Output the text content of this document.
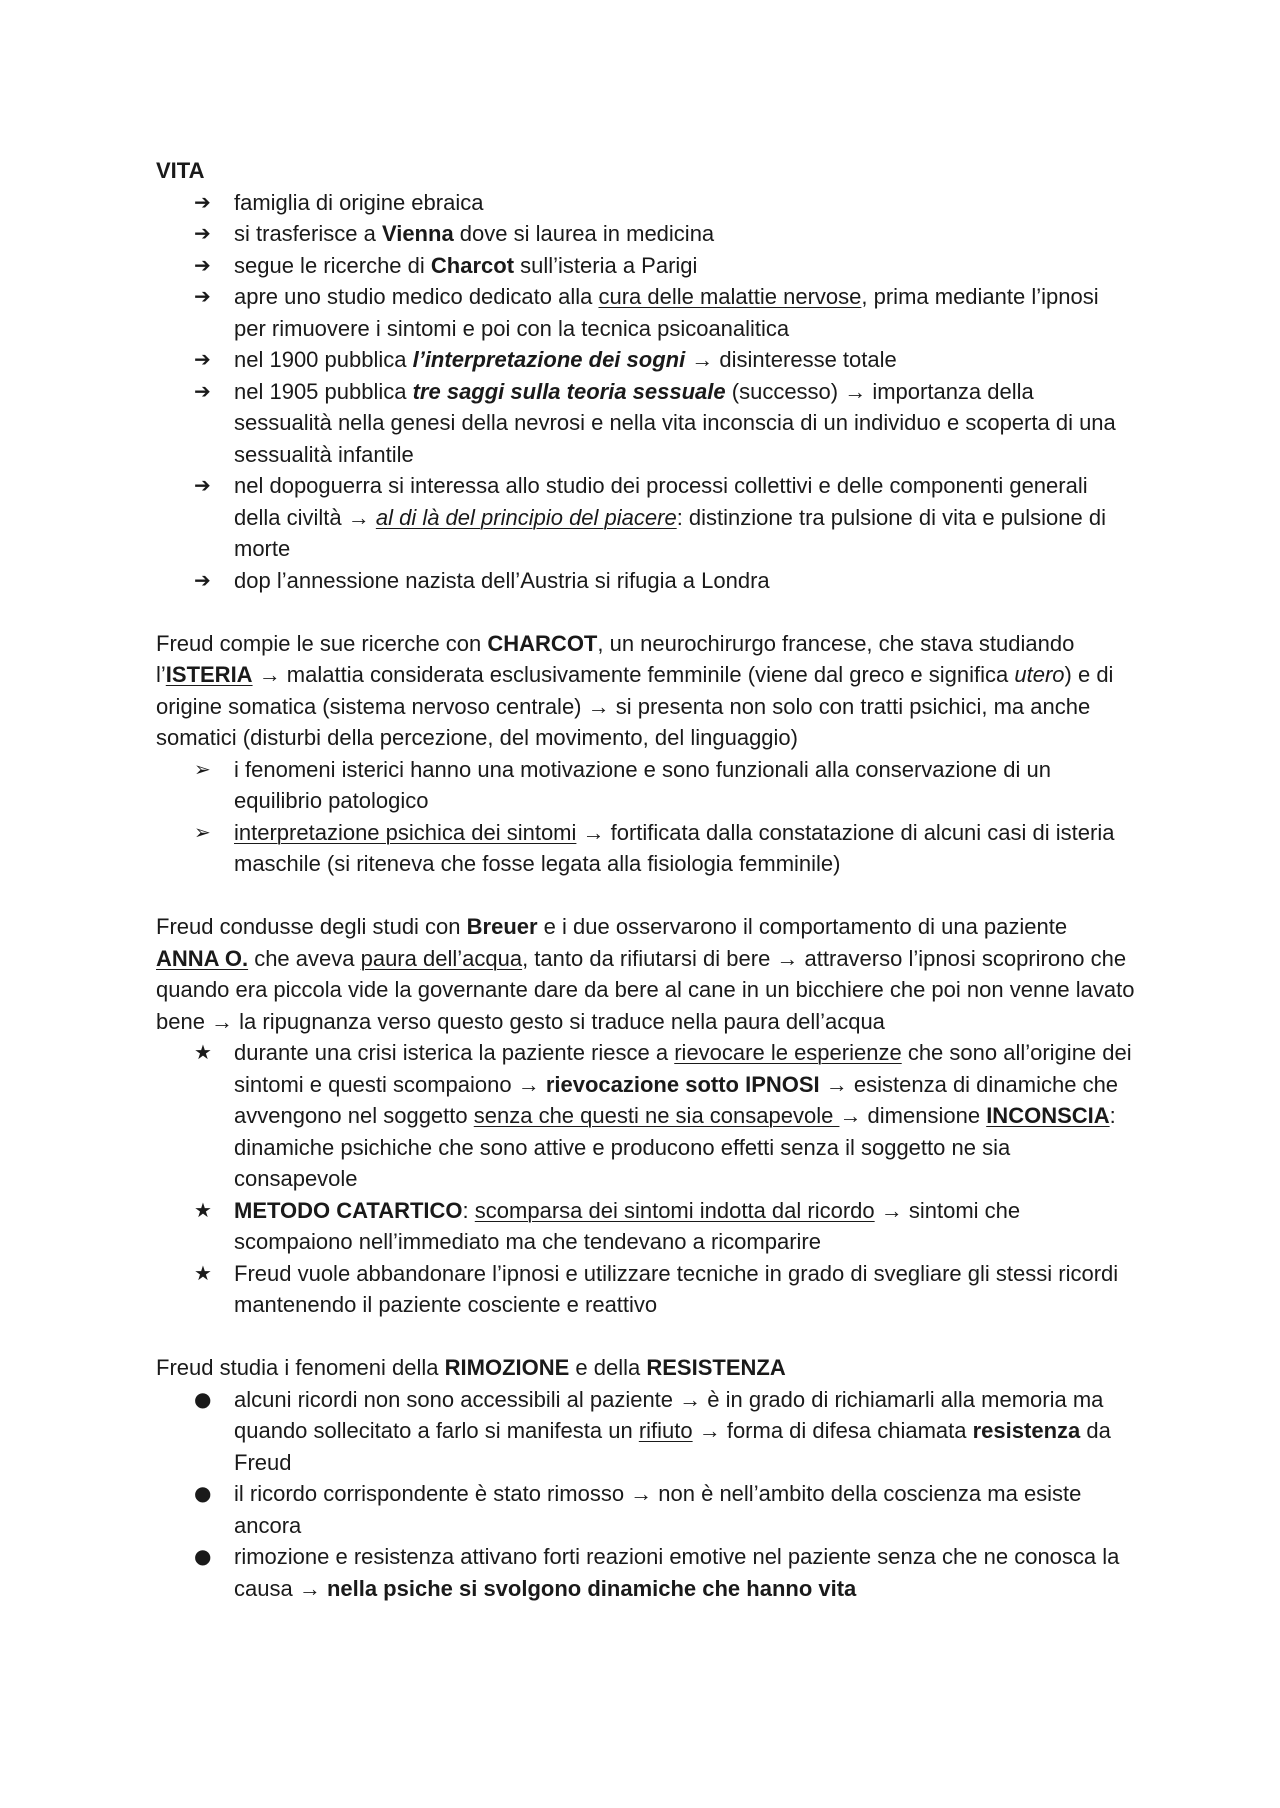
VITA

➔	famiglia di origine ebraica
➔	si trasferisce a Vienna dove si laurea in medicina
➔	segue le ricerche di Charcot sull’isteria a Parigi
➔	apre uno studio medico dedicato alla cura delle malattie nervose, prima mediante l’ipnosi per rimuovere i sintomi e poi con la tecnica psicoanalitica
➔	nel 1900 pubblica l’interpretazione dei sogni → disinteresse totale
➔	nel 1905 pubblica tre saggi sulla teoria sessuale (successo) → importanza della sessualità nella genesi della nevrosi e nella vita inconscia di un individuo e scoperta di una sessualità infantile
➔	nel dopoguerra si interessa allo studio dei processi collettivi e delle componenti generali della civiltà → al di là del principio del piacere: distinzione tra pulsione di vita e pulsione di morte
➔	dop l’annessione nazista dell’Austria si rifugia a Londra

Freud compie le sue ricerche con CHARCOT, un neurochirurgo francese, che stava studiando l’ISTERIA → malattia considerata esclusivamente femminile (viene dal greco e significa utero) e di origine somatica (sistema nervoso centrale) → si presenta non solo con tratti psichici, ma anche somatici (disturbi della percezione, del movimento, del linguaggio)

➢	i fenomeni isterici hanno una motivazione e sono funzionali alla conservazione di un equilibrio patologico
➢	interpretazione psichica dei sintomi → fortificata dalla constatazione di alcuni casi di isteria maschile (si riteneva che fosse legata alla fisiologia femminile)

Freud condusse degli studi con Breuer e i due osservarono il comportamento di una paziente ANNA O. che aveva paura dell’acqua, tanto da rifiutarsi di bere → attraverso l’ipnosi scoprirono che quando era piccola vide la governante dare da bere al cane in un bicchiere che poi non venne lavato bene → la ripugnanza verso questo gesto si traduce nella paura dell’acqua

★	durante una crisi isterica la paziente riesce a rievocare le esperienze che sono all’origine dei sintomi e questi scompaiono → rievocazione sotto IPNOSI → esistenza di dinamiche che avvengono nel soggetto senza che questi ne sia consapevole → dimensione INCONSCIA: dinamiche psichiche che sono attive e producono effetti senza il soggetto ne sia consapevole
★	METODO CATARTICO: scomparsa dei sintomi indotta dal ricordo → sintomi che scompaiono nell’immediato ma che tendevano a ricomparire
★	Freud vuole abbandonare l’ipnosi e utilizzare tecniche in grado di svegliare gli stessi ricordi mantenendo il paziente cosciente e reattivo

Freud studia i fenomeni della RIMOZIONE e della RESISTENZA

●	alcuni ricordi non sono accessibili al paziente → è in grado di richiamarli alla memoria ma quando sollecitato a farlo si manifesta un rifiuto → forma di difesa chiamata resistenza da Freud
●	il ricordo corrispondente è stato rimosso → non è nell’ambito della coscienza ma esiste ancora
●	rimozione e resistenza attivano forti reazioni emotive nel paziente senza che ne conosca la causa → nella psiche si svolgono dinamiche che hanno vita
